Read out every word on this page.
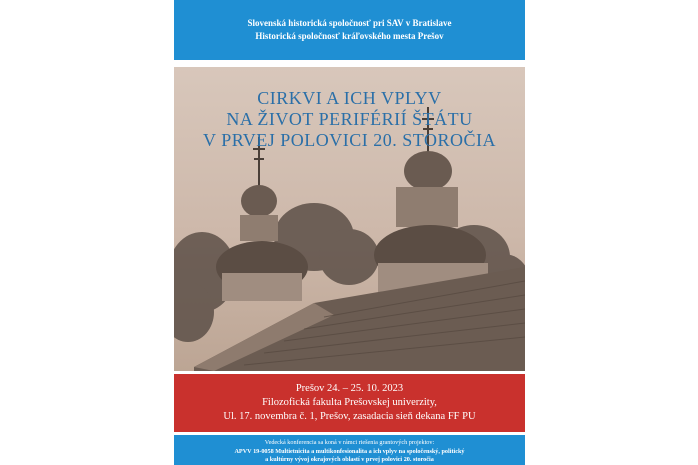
Slovenská historická spoločnosť pri SAV v Bratislave
Historická spoločnosť kráľovského mesta Prešov
CIRKVI A ICH VPLYV
NA ŽIVOT PERIFÉRIÍ ŠTÁTU
V PRVEJ POLOVICI 20. STOROČIA
Prešov 24. – 25. 10. 2023
Filozofická fakulta Prešovskej univerzity,
Ul. 17. novembra č. 1, Prešov, zasadacia sieň dekana FF PU
Vedecká konferencia sa koná v rámci riešenia grantových projektov:
APVV 19-0058 Multietnicita a multikonfesionalita a ich vplyv na spoločenský, politický
a kultúrny vývoj okrajových oblastí v prvej polovici 20. storočia
